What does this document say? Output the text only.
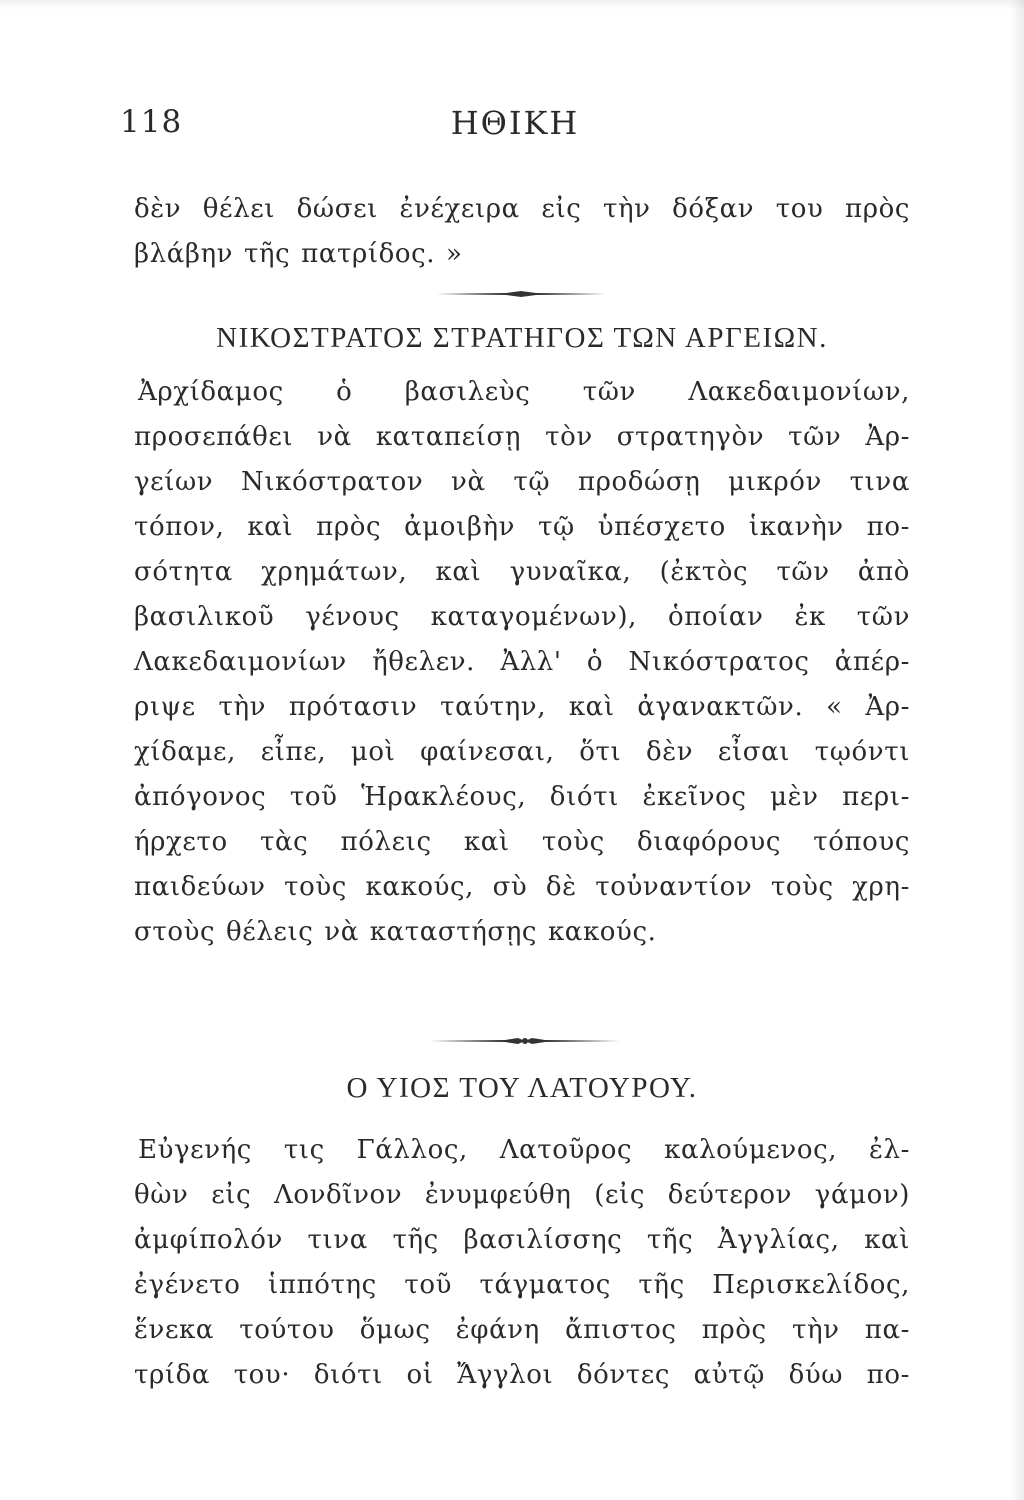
118	ΗΘΙΚΗ
δὲν θέλει δώσει ἐνέχειρα εἰς τὴν δόξαν του πρὸς
βλάβην τῆς πατρίδος. »
ΝΙΚΟΣΤΡΑΤΟΣ ΣΤΡΑΤΗΓΟΣ ΤΩΝ ΑΡΓΕΙΩΝ.
Ἀρχίδαμος ὁ βασιλεὺς τῶν Λακεδαιμονίων,
προσεπάθει νὰ καταπείσῃ τὸν στρατηγὸν τῶν Ἀρ-
γείων Νικόστρατον νὰ τῷ προδώσῃ μικρόν τινα
τόπον, καὶ πρὸς ἀμοιβὴν τῷ ὑπέσχετο ἱκανὴν πο-
σότητα χρημάτων, καὶ γυναῖκα, (ἐκτὸς τῶν ἀπὸ
βασιλικοῦ γένους καταγομένων), ὁποίαν ἐκ τῶν
Λακεδαιμονίων ἤθελεν. Ἀλλ' ὁ Νικόστρατος ἀπέρ-
ριψε τὴν πρότασιν ταύτην, καὶ ἀγανακτῶν. « Ἀρ-
χίδαμε, εἶπε, μοὶ φαίνεσαι, ὅτι δὲν εἶσαι τῳόντι
ἀπόγονος τοῦ Ἡρακλέους, διότι ἐκεῖνος μὲν περι-
ήρχετο τὰς πόλεις καὶ τοὺς διαφόρους τόπους
παιδεύων τοὺς κακούς, σὺ δὲ τοὐναντίον τοὺς χρη-
στοὺς θέλεις νὰ καταστήσῃς κακούς.
Ο ΥΙΟΣ ΤΟΥ ΛΑΤΟΥΡΟΥ.
Εὐγενής τις Γάλλος, Λατοῦρος καλούμενος, ἐλ-
θὼν εἰς Λονδῖνον ἐνυμφεύθη (εἰς δεύτερον γάμον)
ἀμφίπολόν τινα τῆς βασιλίσσης τῆς Ἀγγλίας, καὶ
ἐγένετο ἱππότης τοῦ τάγματος τῆς Περισκελίδος,
ἕνεκα τούτου ὅμως ἐφάνη ἄπιστος πρὸς τὴν πα-
τρίδα του· διότι οἱ Ἄγγλοι δόντες αὐτῷ δύω πο-
